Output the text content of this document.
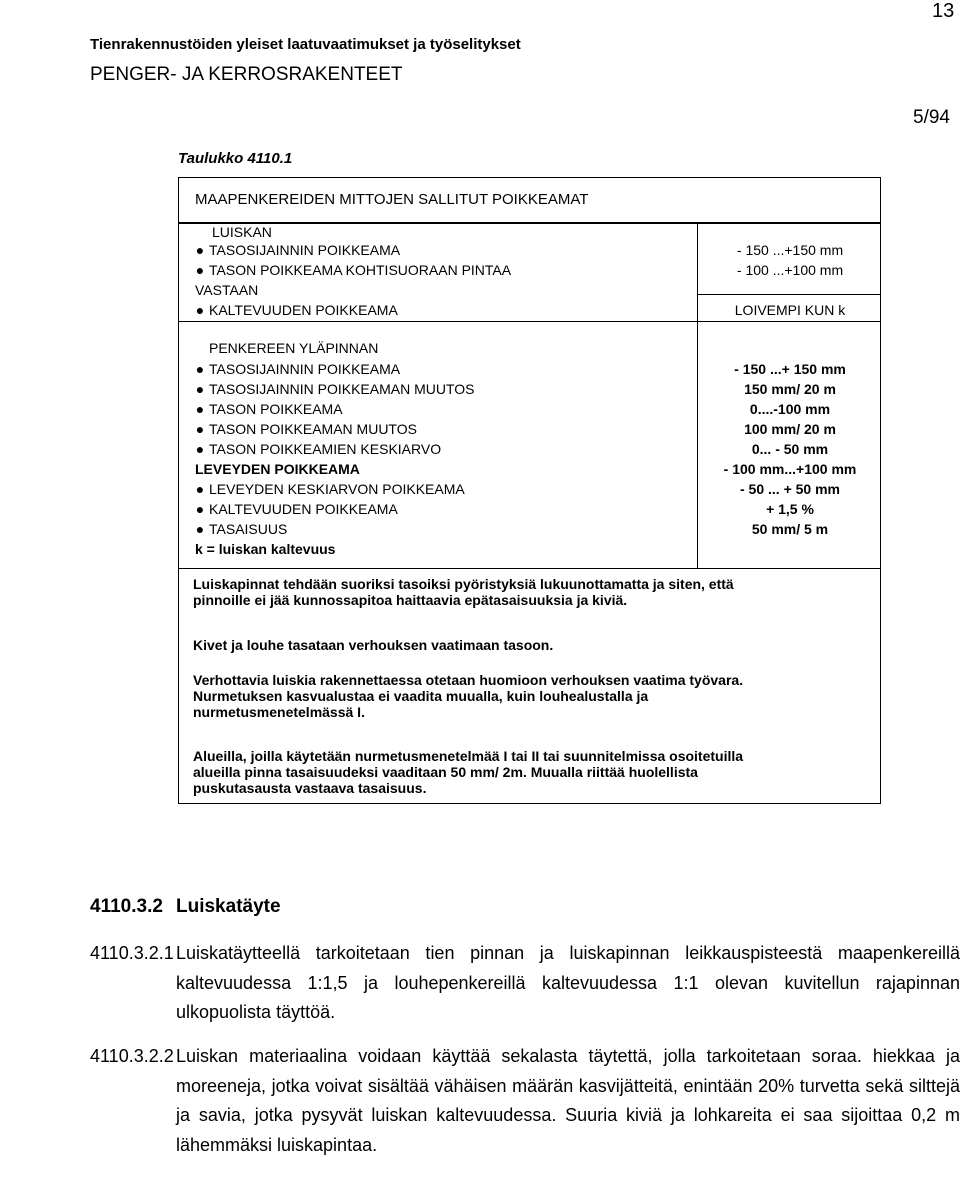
Tienrakennustöiden yleiset laatuvaatimukset ja työselitykset
PENGER- JA KERROSRAKENTEET
13
5/94
Taulukko 4110.1
MAAPENKEREIDEN MITTOJEN SALLITUT POIKKEAMAT
LUISKAN
● TASOSIJAINNIN POIKKEAMA
● TASON POIKKEAMA KOHTISUORAAN PINTAA
VASTAAN
● KALTEVUUDEN POIKKEAMA
- 150 ...+150 mm
- 100 ...+100 mm
LOIVEMPI KUN k
PENKEREEN YLÄPINNAN
● TASOSIJAINNIN POIKKEAMA
● TASOSIJAINNIN POIKKEAMAN MUUTOS
● TASON POIKKEAMA
● TASON POIKKEAMAN MUUTOS
● TASON POIKKEAMIEN KESKIARVO
- 150 ...+ 150 mm
150 mm/ 20 m
0....-100 mm
100 mm/ 20 m
0... - 50 mm
LEVEYDEN POIKKEAMA	- 100 mm...+100 mm
● LEVEYDEN KESKIARVON POIKKEAMA
● KALTEVUUDEN POIKKEAMA
● TASAISUUS
- 50 ... + 50 mm
+ 1,5 %
50 mm/ 5 m
k = luiskan kaltevuus
Luiskapinnat tehdään suoriksi tasoiksi pyöristyksiä lukuunottamatta ja siten, että
pinnoille ei jää kunnossapitoa haittaavia epätasaisuuksia ja kiviä.
Kivet ja louhe tasataan verhouksen vaatimaan tasoon.
Verhottavia luiskia rakennettaessa otetaan huomioon verhouksen vaatima työvara.
Nurmetuksen kasvualustaa ei vaadita muualla, kuin louhealustalla ja
nurmetusmenetelmässä I.
Alueilla, joilla käytetään nurmetusmenetelmää I tai II tai suunnitelmissa osoitetuilla
alueilla pinna tasaisuudeksi vaaditaan 50 mm/ 2m. Muualla riittää huolellista
puskutasausta vastaava tasaisuus.
4110.3.2 Luiskatäyte
4110.3.2.1 Luiskatäytteellä tarkoitetaan tien pinnan ja luiskapinnan leikkauspisteestä maapenkereillä kaltevuudessa 1:1,5 ja louhepenkereillä kaltevuudessa 1:1 olevan kuvitellun rajapinnan ulkopuolista täyttöä.
4110.3.2.2 Luiskan materiaalina voidaan käyttää sekalasta täytettä, jolla tarkoitetaan soraa. hiekkaa ja moreeneja, jotka voivat sisältää vähäisen määrän kasvijätteitä, enintään 20% turvetta sekä silttejä ja savia, jotka pysyvät luiskan kaltevuudessa. Suuria kiviä ja lohkareita ei saa sijoittaa 0,2 m lähemmäksi luiskapintaa.
